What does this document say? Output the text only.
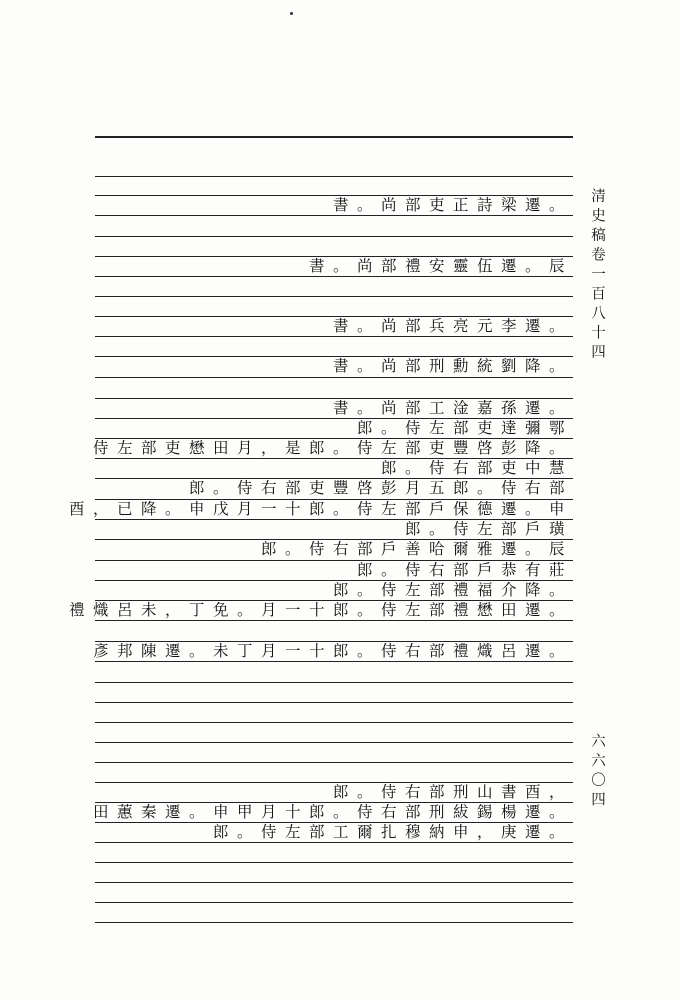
書。尚部吏正詩梁遷。
書。尚部禮安靈伍遷。辰
書。尚部兵亮元李遷。
書。尚部刑勳統劉降。
書。尚部工淦嘉孫遷。
郎。侍左部吏達彌鄂
侍左部吏懋田月，是郎。侍左部吏豐啓彭降。
郎。侍右部吏中慧
郎。侍右部吏豐啓彭月五郎。侍右部
酉，已降。申戊月一十郎。侍左部戶保德遷。申
郎。侍左部戶璜
郎。侍右部戶善哈爾雅遷。辰
郎。侍右部戶恭有莊
郎。侍左部禮福介降。
禮熾呂未，丁免。月一十郎。侍左部禮懋田遷。
彥邦陳遷。未丁月一十郎。侍右部禮熾呂遷。
郎。侍右部刑山書酉，
田蕙秦遷。申甲月十郎。侍右部刑紱錫楊遷。
郎。侍左部工爾扎穆納申，庚遷。
清史稿卷一百八十四
六六〇四
